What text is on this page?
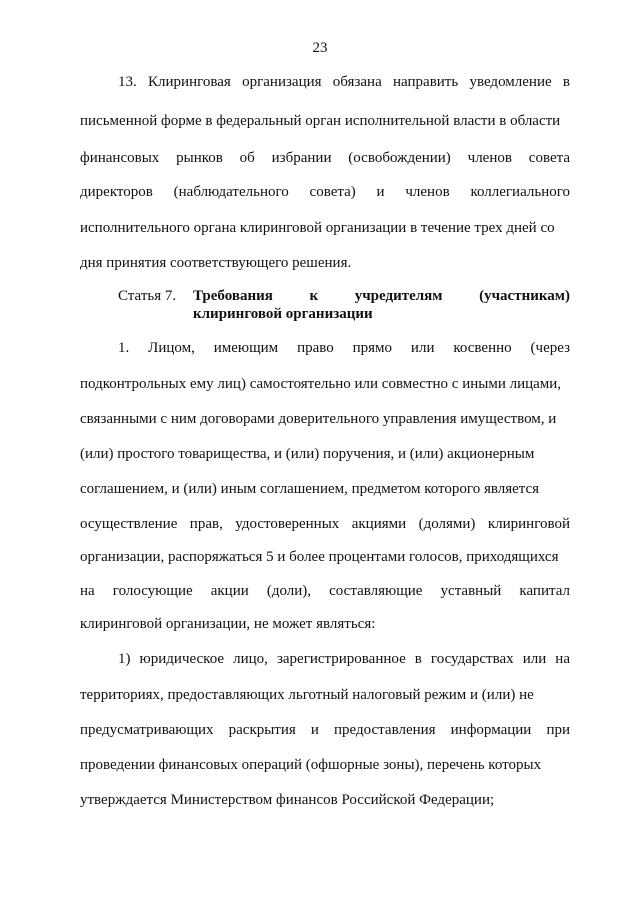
23
13. Клиринговая организация обязана направить уведомление в
письменной форме в федеральный орган исполнительной власти в области
финансовых рынков об избрании (освобождении) членов совета
директоров (наблюдательного совета) и членов коллегиального
исполнительного органа клиринговой организации в течение трех дней со
дня принятия соответствующего решения.
Статья 7. Требования к учредителям (участникам)
клиринговой организации
1. Лицом, имеющим право прямо или косвенно (через
подконтрольных ему лиц) самостоятельно или совместно с иными лицами,
связанными с ним договорами доверительного управления имуществом, и
(или) простого товарищества, и (или) поручения, и (или) акционерным
соглашением, и (или) иным соглашением, предметом которого является
осуществление прав, удостоверенных акциями (долями) клиринговой
организации, распоряжаться 5 и более процентами голосов, приходящихся
на голосующие акции (доли), составляющие уставный капитал
клиринговой организации, не может являться:
1) юридическое лицо, зарегистрированное в государствах или на
территориях, предоставляющих льготный налоговый режим и (или) не
предусматривающих раскрытия и предоставления информации при
проведении финансовых операций (офшорные зоны), перечень которых
утверждается Министерством финансов Российской Федерации;
